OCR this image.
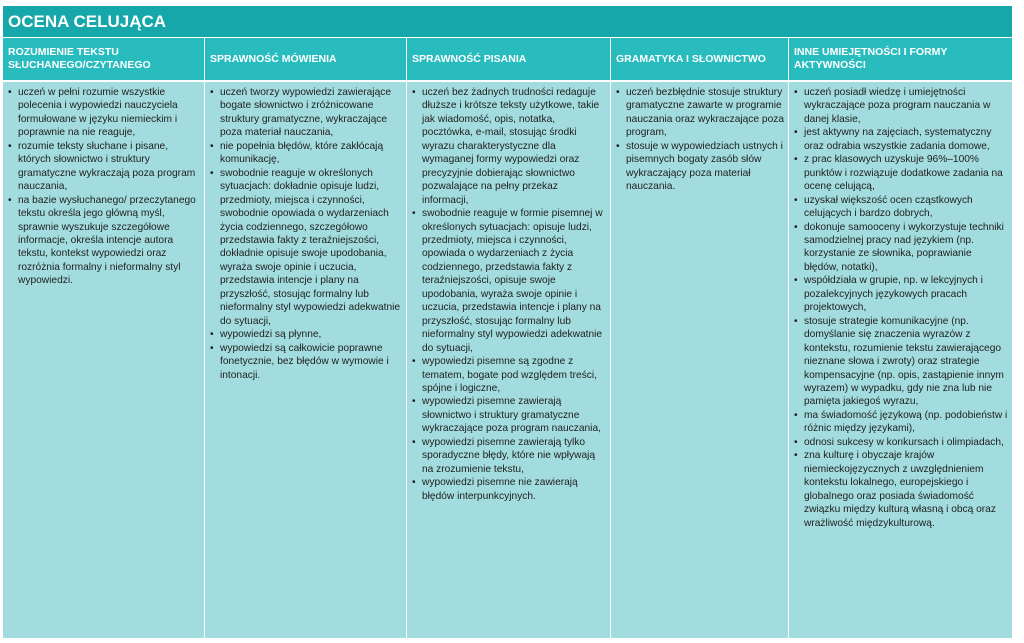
OCENA CELUJĄCA
ROZUMIENIE TEKSTU SŁUCHANEGO/CZYTANEGO
• uczeń w pełni rozumie wszystkie polecenia i wypowiedzi nauczyciela formułowane w języku niemieckim i poprawnie na nie reaguje,
• rozumie teksty słuchane i pisane, których słownictwo i struktury gramatyczne wykraczają poza program nauczania,
• na bazie wysłuchanego/ przeczytanego tekstu określa jego główną myśl, sprawnie wyszukuje szczegółowe informacje, określa intencje autora tekstu, kontekst wypowiedzi oraz rozróżnia formalny i nieformalny styl wypowiedzi.
SPRAWNOŚĆ MÓWIENIA
• uczeń tworzy wypowiedzi zawierające bogate słownictwo i zróżnicowane struktury gramatyczne, wykraczające poza materiał nauczania,
• nie popełnia błędów, które zakłócają komunikację,
• swobodnie reaguje w określonych sytuacjach: dokładnie opisuje ludzi, przedmioty, miejsca i czynności, swobodnie opowiada o wydarzeniach życia codziennego, szczegółowo przedstawia fakty z teraźniejszości, dokładnie opisuje swoje upodobania, wyraża swoje opinie i uczucia, przedstawia intencje i plany na przyszłość, stosując formalny lub nieformalny styl wypowiedzi adekwatnie do sytuacji,
• wypowiedzi są płynne,
• wypowiedzi są całkowicie poprawne fonetycznie, bez błędów w wymowie i intonacji.
SPRAWNOŚĆ PISANIA
• uczeń bez żadnych trudności redaguje dłuższe i krótsze teksty użytkowe, takie jak wiadomość, opis, notatka, pocztówka, e-mail, stosując środki wyrazu charakterystyczne dla wymaganej formy wypowiedzi oraz precyzyjnie dobierając słownictwo pozwalające na pełny przekaz informacji,
• swobodnie reaguje w formie pisemnej w określonych sytuacjach: opisuje ludzi, przedmioty, miejsca i czynności, opowiada o wydarzeniach z życia codziennego, przedstawia fakty z teraźniejszości, opisuje swoje upodobania, wyraża swoje opinie i uczucia, przedstawia intencje i plany na przyszłość, stosując formalny lub nieformalny styl wypowiedzi adekwatnie do sytuacji,
• wypowiedzi pisemne są zgodne z tematem, bogate pod względem treści, spójne i logiczne,
• wypowiedzi pisemne zawierają słownictwo i struktury gramatyczne wykraczające poza program nauczania,
• wypowiedzi pisemne zawierają tylko sporadyczne błędy, które nie wpływają na zrozumienie tekstu,
• wypowiedzi pisemne nie zawierają błędów interpunkcyjnych.
GRAMATYKA I SŁOWNICTWO
• uczeń bezbłędnie stosuje struktury gramatyczne zawarte w programie nauczania oraz wykraczające poza program,
• stosuje w wypowiedziach ustnych i pisemnych bogaty zasób słów wykraczający poza materiał nauczania.
INNE UMIEJĘTNOŚCI I FORMY AKTYWNOŚCI
• uczeń posiadł wiedzę i umiejętności wykraczające poza program nauczania w danej klasie,
• jest aktywny na zajęciach, systematyczny oraz odrabia wszystkie zadania domowe,
• z prac klasowych uzyskuje 96%–100% punktów i rozwiązuje dodatkowe zadania na ocenę celującą,
• uzyskał większość ocen cząstkowych celujących i bardzo dobrych,
• dokonuje samooceny i wykorzystuje techniki samodzielnej pracy nad językiem (np. korzystanie ze słownika, poprawianie błędów, notatki),
• współdziała w grupie, np. w lekcyjnych i pozalekcyjnych językowych pracach projektowych,
• stosuje strategie komunikacyjne (np. domyślanie się znaczenia wyrazów z kontekstu, rozumienie tekstu zawierającego nieznane słowa i zwroty) oraz strategie kompensacyjne (np. opis, zastąpienie innym wyrazem) w wypadku, gdy nie zna lub nie pamięta jakiegoś wyrazu,
• ma świadomość językową (np. podobieństw i różnic między językami),
• odnosi sukcesy w konkursach i olimpiadach,
• zna kulturę i obyczaje krajów niemieckojęzycznych z uwzględnieniem kontekstu lokalnego, europejskiego i globalnego oraz posiada świadomość związku między kulturą własną i obcą oraz wrażliwość międzykulturową.
